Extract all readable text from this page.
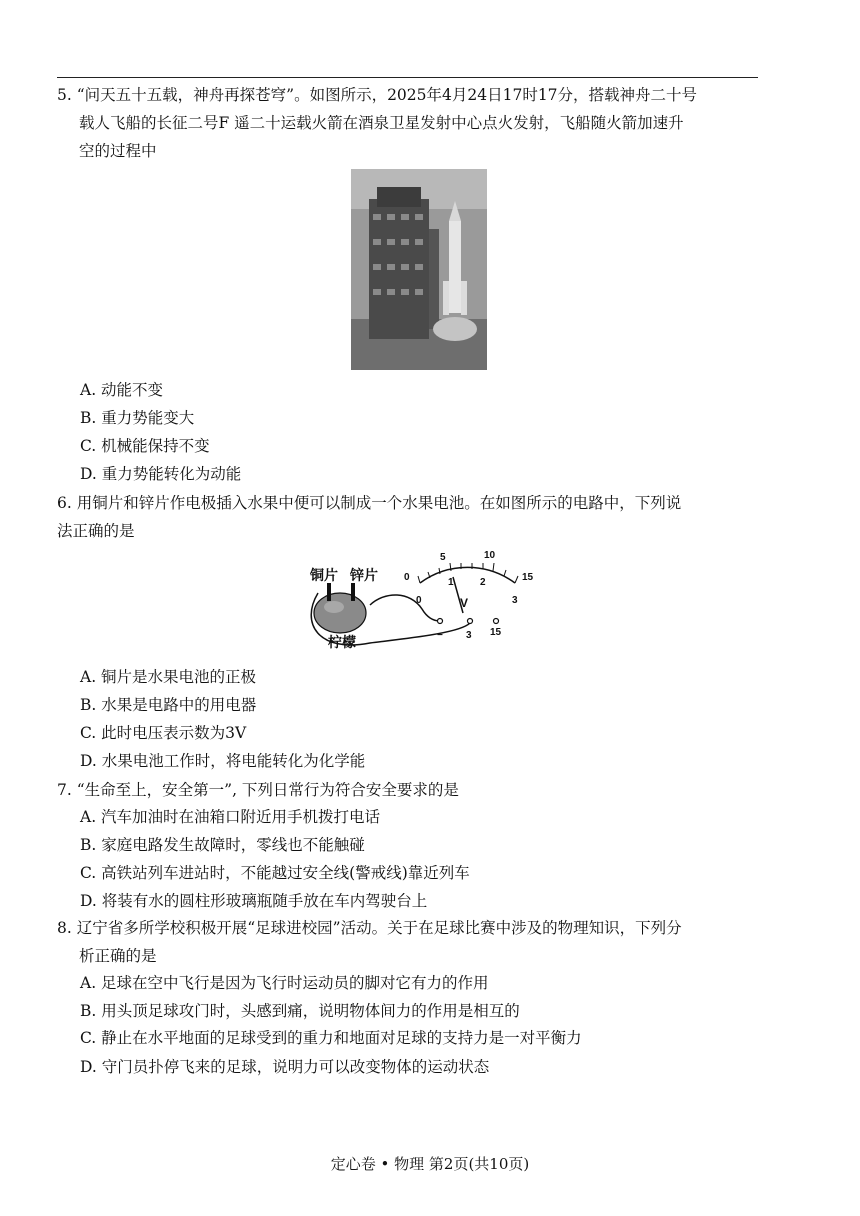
5. “问天五十五载，神舟再探苍穹”。如图所示，2025年4月24日17时17分，搭载神舟二十号
载人飞船的长征二号F 遥二十运载火箭在酒泉卫星发射中心点火发射，飞船随火箭加速升
空的过程中
A. 动能不变
B. 重力势能变大
C. 机械能保持不变
D. 重力势能转化为动能
6. 用铜片和锌片作电极插入水果中便可以制成一个水果电池。在如图所示的电路中，下列说
法正确的是
铜片 锌片
柠檬
0
5	10
15
0
1	2
3
V
− 3 15
A. 铜片是水果电池的正极
B. 水果是电路中的用电器
C. 此时电压表示数为3V
D. 水果电池工作时，将电能转化为化学能
7. “生命至上，安全第一”, 下列日常行为符合安全要求的是
A. 汽车加油时在油箱口附近用手机拨打电话
B. 家庭电路发生故障时，零线也不能触碰
C. 高铁站列车进站时，不能越过安全线(警戒线)靠近列车
D. 将装有水的圆柱形玻璃瓶随手放在车内驾驶台上
8. 辽宁省多所学校积极开展“足球进校园”活动。关于在足球比赛中涉及的物理知识，下列分
析正确的是
A. 足球在空中飞行是因为飞行时运动员的脚对它有力的作用
B. 用头顶足球攻门时，头感到痛，说明物体间力的作用是相互的
C. 静止在水平地面的足球受到的重力和地面对足球的支持力是一对平衡力
D. 守门员扑停飞来的足球，说明力可以改变物体的运动状态
定心卷 • 物理 第2页(共10页)
